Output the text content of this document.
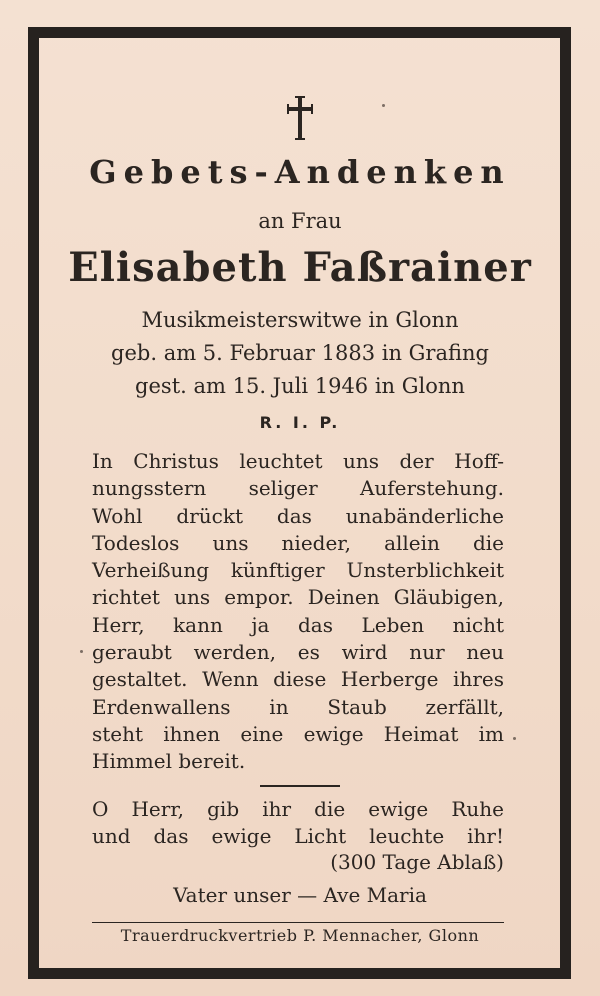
Gebets-Andenken
an Frau
Elisabeth Faßrainer
Musikmeisterswitwe in Glonn
geb. am 5. Februar 1883 in Grafing
gest. am 15. Juli 1946 in Glonn
R. I. P.
In Christus leuchtet uns der Hoff-
nungsstern seliger Auferstehung.
Wohl drückt das unabänderliche
Todeslos uns nieder, allein die
Verheißung künftiger Unsterblichkeit
richtet uns empor. Deinen Gläubigen,
Herr, kann ja das Leben nicht
geraubt werden, es wird nur neu
gestaltet. Wenn diese Herberge ihres
Erdenwallens in Staub zerfällt,
steht ihnen eine ewige Heimat im
Himmel bereit.
O Herr, gib ihr die ewige Ruhe
und das ewige Licht leuchte ihr!
(300 Tage Ablaß)
Vater unser — Ave Maria
Trauerdruckvertrieb P. Mennacher, Glonn
